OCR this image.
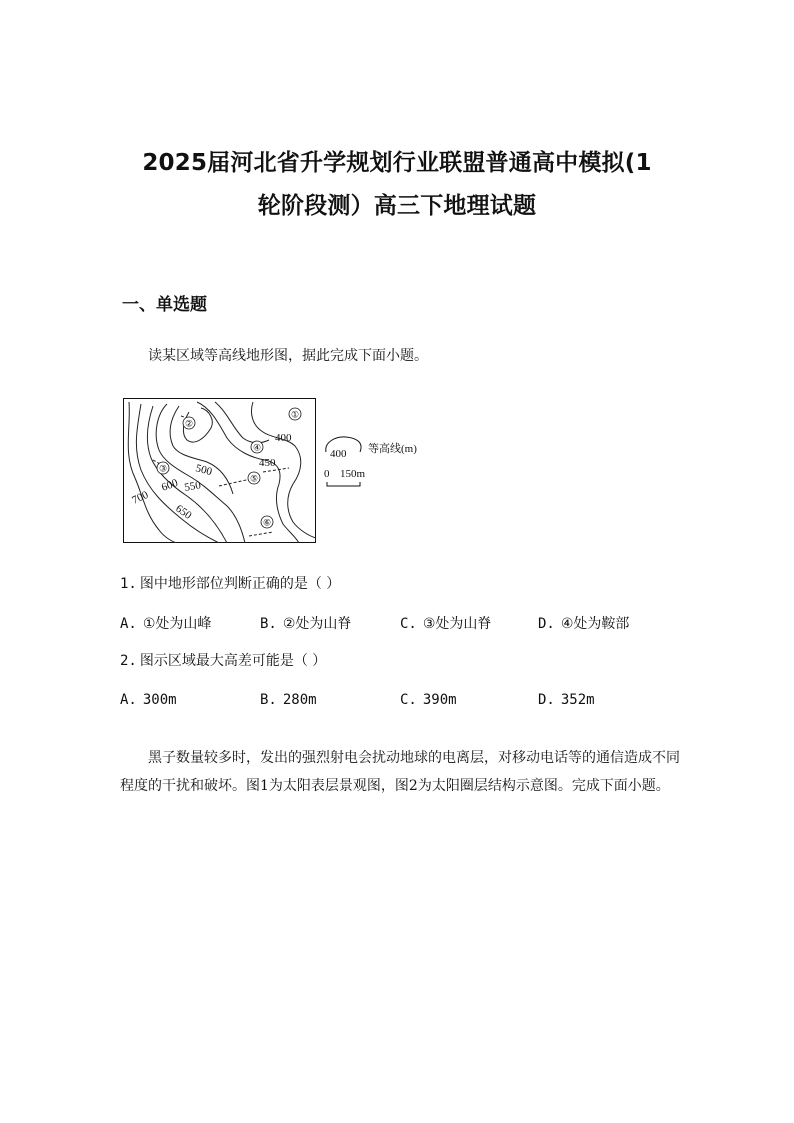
2025届河北省升学规划行业联盟普通高中模拟(1
轮阶段测）高三下地理试题
一、单选题

读某区域等高线地形图，据此完成下面小题。

①
②
③
④
⑤
⑥
400
450
500
550
600
650
700
400 等高线(m)
0 150m

1. 图中地形部位判断正确的是（ ）

A. ①处为山峰	B. ②处为山脊	C. ③处为山脊	D. ④处为鞍部

2. 图示区域最大高差可能是（ ）

A. 300m	B. 280m	C. 390m	D. 352m

黑子数量较多时，发出的强烈射电会扰动地球的电离层，对移动电话等的通信造成不同程度的干扰和破坏。图1为太阳表层景观图，图2为太阳圈层结构示意图。完成下面小题。
